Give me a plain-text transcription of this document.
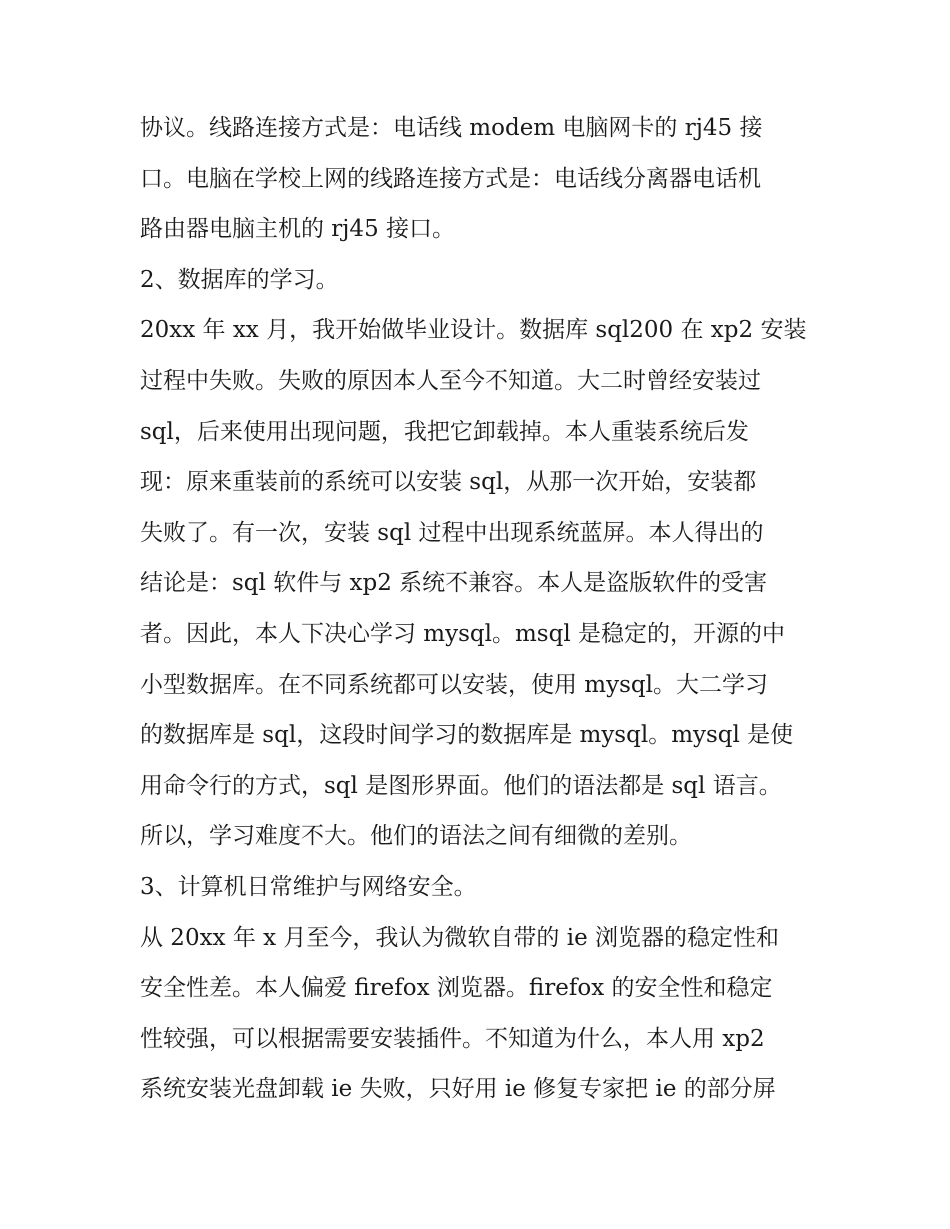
协议。线路连接方式是：电话线 modem 电脑网卡的 rj45 接
口。电脑在学校上网的线路连接方式是：电话线分离器电话机
路由器电脑主机的 rj45 接口。
2、数据库的学习。
20xx 年 xx 月，我开始做毕业设计。数据库 sql200 在 xp2 安装
过程中失败。失败的原因本人至今不知道。大二时曾经安装过
sql，后来使用出现问题，我把它卸载掉。本人重装系统后发
现：原来重装前的系统可以安装 sql，从那一次开始，安装都
失败了。有一次，安装 sql 过程中出现系统蓝屏。本人得出的
结论是：sql 软件与 xp2 系统不兼容。本人是盗版软件的受害
者。因此，本人下决心学习 mysql。msql 是稳定的，开源的中
小型数据库。在不同系统都可以安装，使用 mysql。大二学习
的数据库是 sql，这段时间学习的数据库是 mysql。mysql 是使
用命令行的方式，sql 是图形界面。他们的语法都是 sql 语言。
所以，学习难度不大。他们的语法之间有细微的差别。
3、计算机日常维护与网络安全。
从 20xx 年 x 月至今，我认为微软自带的 ie 浏览器的稳定性和
安全性差。本人偏爱 firefox 浏览器。firefox 的安全性和稳定
性较强，可以根据需要安装插件。不知道为什么，本人用 xp2
系统安装光盘卸载 ie 失败，只好用 ie 修复专家把 ie 的部分屏
